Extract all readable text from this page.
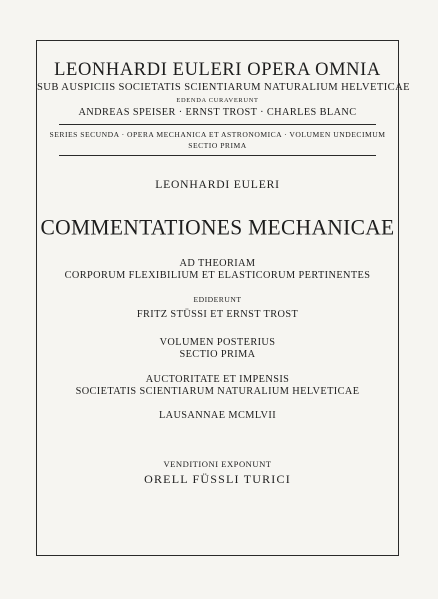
LEONHARDI EULERI OPERA OMNIA
SUB AUSPICIIS SOCIETATIS SCIENTIARUM NATURALIUM HELVETICAE
EDENDA CURAVERUNT
ANDREAS SPEISER · ERNST TROST · CHARLES BLANC
SERIES SECUNDA · OPERA MECHANICA ET ASTRONOMICA · VOLUMEN UNDECIMUM
SECTIO PRIMA
LEONHARDI EULERI
COMMENTATIONES MECHANICAE
AD THEORIAM
CORPORUM FLEXIBILIUM ET ELASTICORUM PERTINENTES
EDIDERUNT
FRITZ STÜSSI ET ERNST TROST
VOLUMEN POSTERIUS
SECTIO PRIMA
AUCTORITATE ET IMPENSIS
SOCIETATIS SCIENTIARUM NATURALIUM HELVETICAE
LAUSANNAE MCMLVII
VENDITIONI EXPONUNT
ORELL FÜSSLI TURICI
